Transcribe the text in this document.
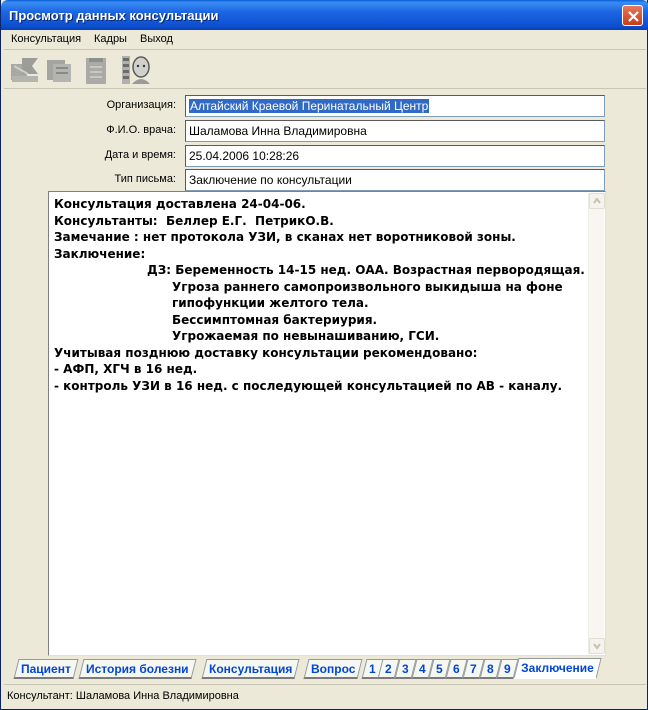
Просмотр данных консультации
Консультация Кадры Выход
Организация:	Алтайский Краевой Перинатальный Центр
Ф.И.О. врача:	Шаламова Инна Владимировна
Дата и время:	25.04.2006 10:28:26
Тип письма:	Заключение по консультации
Консультация доставлена 24-04-06.
Консультанты:  Беллер Е.Г.  ПетрикО.В.
Замечание : нет протокола УЗИ, в сканах нет воротниковой зоны.
Заключение:
ДЗ: Беременность 14-15 нед. ОАА. Возрастная первородящая.
Угроза раннего самопроизвольного выкидыша на фоне
гипофункции желтого тела.
Бессимптомная бактериурия.
Угрожаемая по невынашиванию, ГСИ.
Учитывая позднюю доставку консультации рекомендовано:
- АФП, ХГЧ в 16 нед.
- контроль УЗИ в 16 нед. с последующей консультацией по АВ - каналу.
Пациент	История болезни	Консультация	Вопрос	1 2 3 4 5 6 7 8 9 Заключение
Консультант: Шаламова Инна Владимировна
